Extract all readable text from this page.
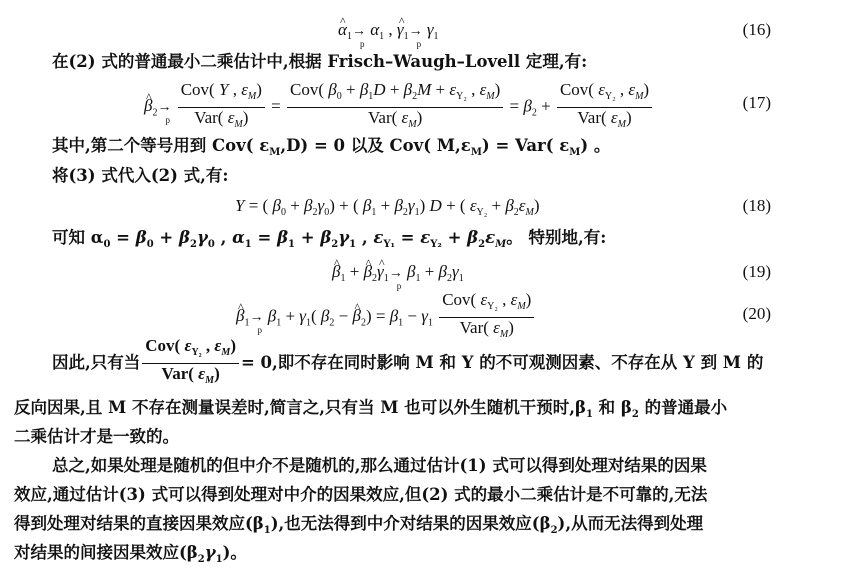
^ $\alpha_1\to$
p
$\alpha_1$ , ^ $\gamma_1\to$
p
$\gamma_1$	(16)
在(2) 式的普通最小二乘估计中,根据 Frisch–Waugh–Lovell 定理,有:
^ $\beta_2\to$
p
$\frac{Cov( Y , \varepsilon_M)}{Var( \varepsilon_M)} = \frac{Cov( \beta_0 + \beta_1D + \beta_2M + \varepsilon_{Y_2} , \varepsilon_M)}{Var( \varepsilon_M)} = \beta_2 + \frac{Cov( \varepsilon_{Y_2} , \varepsilon_M)}{Var( \varepsilon_M)}$	(17)
其中,第二个等号用到 Cov( $\varepsilon_M,D) = 0$ 以及 Cov( $M,\varepsilon_M) = Var$( $\varepsilon_M$) 。
将(3) 式代入(2) 式,有:
Y = ( $\beta_0 + \beta_2\gamma_0$) + ( $\beta_1 + \beta_2\gamma_1$) D + ( $\varepsilon_{Y_2} + \beta_2\varepsilon_M$)	(18)
可知 $\alpha_0 = \beta_0 + \beta_2\gamma_0$ , $\alpha_1 = \beta_1 + \beta_2\gamma_1$ , $\varepsilon_{Y_1} = \varepsilon_{Y_2} + \beta_2\varepsilon_M$。 特别地,有:
^ $\beta_1$ + ^ $\beta_2\^{}$ $\gamma_1\to$
p
$\beta_1 + \beta_2\gamma_1$	(19)
^ $\beta_1\to$
p
$\beta_1 + \gamma_1$( $\beta_2$ − ^ $\beta_2) = \beta_1 - \gamma_1 \frac{Cov( \varepsilon_{Y_2} , \varepsilon_M)}{Var( \varepsilon_M)}$	(20)
因此,只有当 $\frac{Cov( \varepsilon_{Y_2} , \varepsilon_M)}{Var( \varepsilon_M)} = 0$,即不存在同时影响 M 和 Y 的不可观测因素、不存在从 Y 到 M 的
反向因果,且 M 不存在测量误差时,简言之,只有当 M 也可以外生随机干预时$,\beta_1$ 和 $\beta_2$ 的普通最小
二乘估计才是一致的。
总之,如果处理是随机的但中介不是随机的,那么通过估计(1) 式可以得到处理对结果的因果
效应,通过估计(3) 式可以得到处理对中介的因果效应,但(2) 式的最小二乘估计是不可靠的,无法
得到处理对结果的直接因果效应$(\beta_1)$,也无法得到中介对结果的因果效应$(\beta_2)$,从而无法得到处理
对结果的间接因果效应$(\beta_2\gamma_1)$。
